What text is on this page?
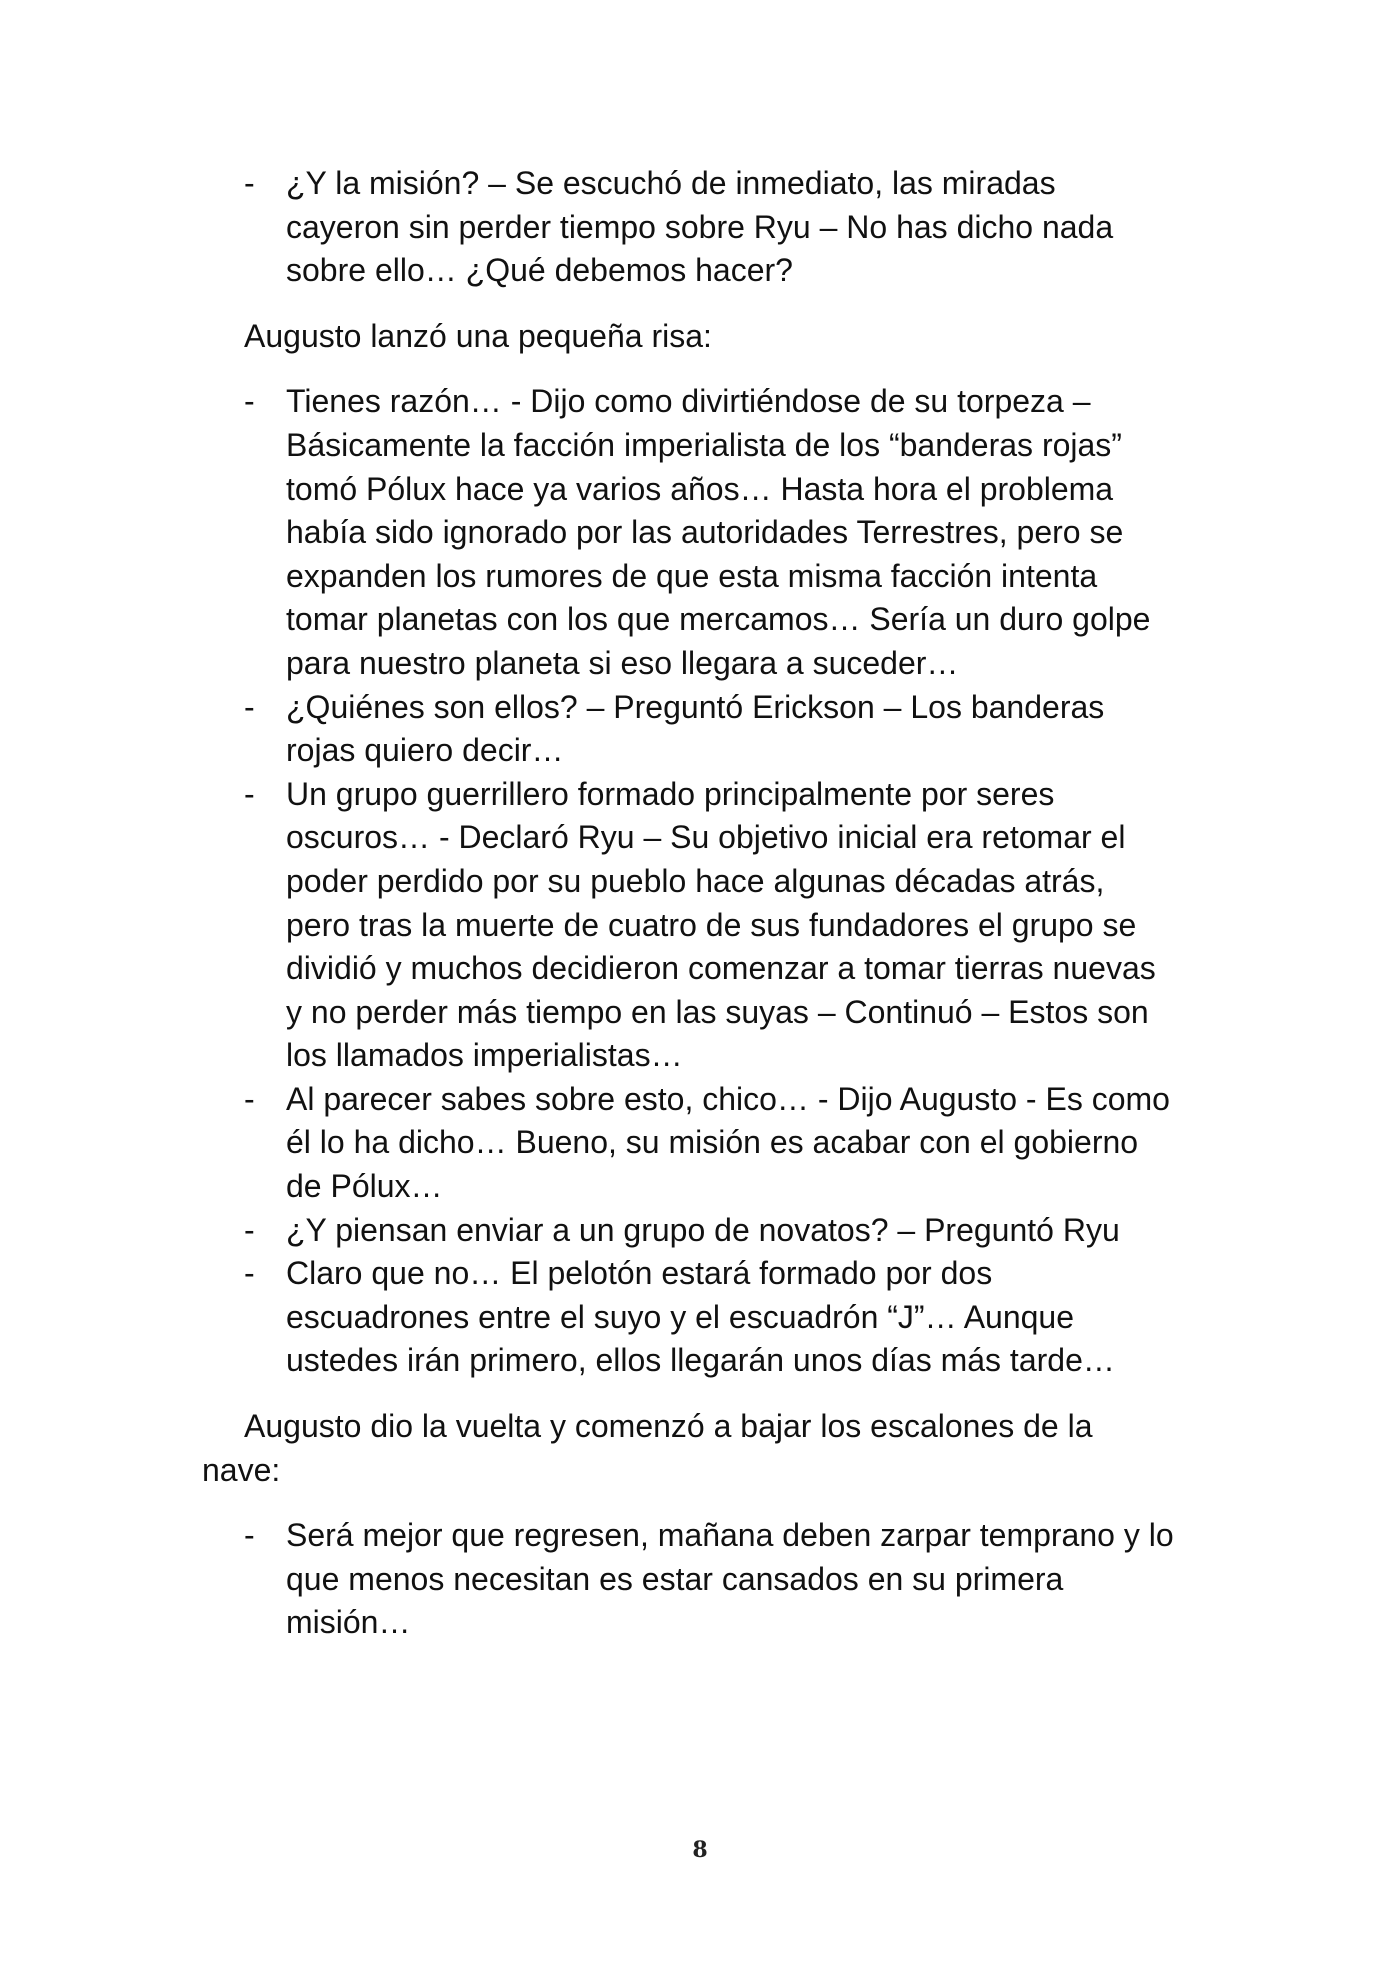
- ¿Y la misión? – Se escuchó de inmediato, las miradas
cayeron sin perder tiempo sobre Ryu – No has dicho nada
sobre ello… ¿Qué debemos hacer?
Augusto lanzó una pequeña risa:
- Tienes razón… - Dijo como divirtiéndose de su torpeza –
Básicamente la facción imperialista de los “banderas rojas”
tomó Pólux hace ya varios años… Hasta hora el problema
había sido ignorado por las autoridades Terrestres, pero se
expanden los rumores de que esta misma facción intenta
tomar planetas con los que mercamos… Sería un duro golpe
para nuestro planeta si eso llegara a suceder…
- ¿Quiénes son ellos? – Preguntó Erickson – Los banderas
rojas quiero decir…
- Un grupo guerrillero formado principalmente por seres
oscuros… - Declaró Ryu – Su objetivo inicial era retomar el
poder perdido por su pueblo hace algunas décadas atrás,
pero tras la muerte de cuatro de sus fundadores el grupo se
dividió y muchos decidieron comenzar a tomar tierras nuevas
y no perder más tiempo en las suyas – Continuó – Estos son
los llamados imperialistas…
- Al parecer sabes sobre esto, chico… - Dijo Augusto - Es como
él lo ha dicho… Bueno, su misión es acabar con el gobierno
de Pólux…
- ¿Y piensan enviar a un grupo de novatos? – Preguntó Ryu
- Claro que no… El pelotón estará formado por dos
escuadrones entre el suyo y el escuadrón “J”… Aunque
ustedes irán primero, ellos llegarán unos días más tarde…
Augusto dio la vuelta y comenzó a bajar los escalones de la
nave:
- Será mejor que regresen, mañana deben zarpar temprano y lo
que menos necesitan es estar cansados en su primera
misión…
8
